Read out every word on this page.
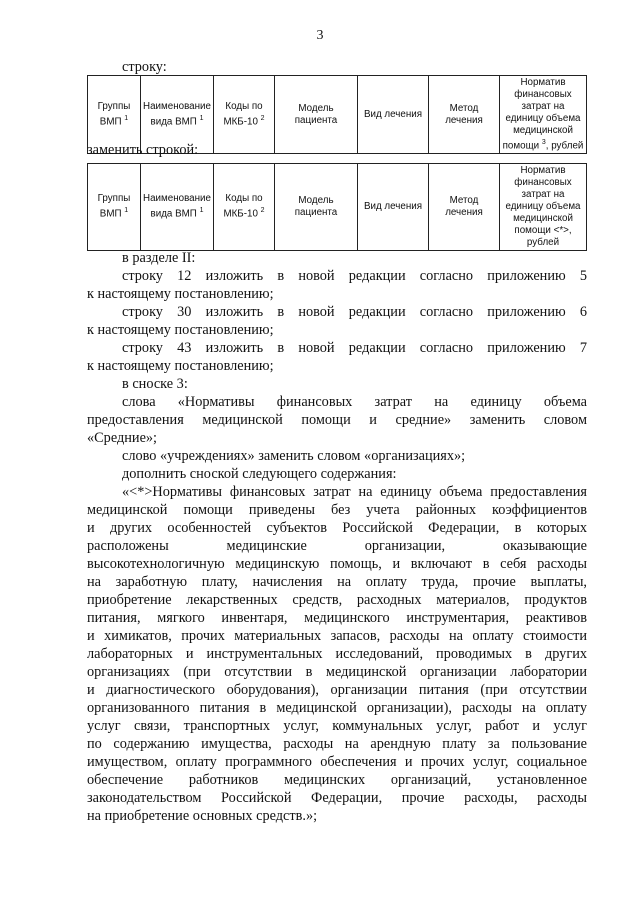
3
строку:
Группы ВМП $^1$	Наименование вида ВМП $^1$	Коды по МКБ-10 $^2$	Модель пациента	Вид лечения	Метод лечения	Норматив финансовых затрат на единицу объема медицинской помощи $^3$, рублей
заменить строкой:
Группы ВМП $^1$	Наименование вида ВМП $^1$	Коды по МКБ-10 $^2$	Модель пациента	Вид лечения	Метод лечения	Норматив финансовых затрат на единицу объема медицинской помощи <*>, рублей
в разделе II:
строку 12 изложить в новой редакции согласно приложению 5
к настоящему постановлению;
строку 30 изложить в новой редакции согласно приложению 6
к настоящему постановлению;
строку 43 изложить в новой редакции согласно приложению 7
к настоящему постановлению;
в сноске 3:
слова «Нормативы финансовых затрат на единицу объема
предоставления медицинской помощи и средние» заменить словом
«Средние»;
слово «учреждениях» заменить словом «организациях»;
дополнить сноской следующего содержания:
«<*>Нормативы финансовых затрат на единицу объема предоставления
медицинской помощи приведены без учета районных коэффициентов
и других особенностей субъектов Российской Федерации, в которых
расположены медицинские организации, оказывающие
высокотехнологичную медицинскую помощь, и включают в себя расходы
на заработную плату, начисления на оплату труда, прочие выплаты,
приобретение лекарственных средств, расходных материалов, продуктов
питания, мягкого инвентаря, медицинского инструментария, реактивов
и химикатов, прочих материальных запасов, расходы на оплату стоимости
лабораторных и инструментальных исследований, проводимых в других
организациях (при отсутствии в медицинской организации лаборатории
и диагностического оборудования), организации питания (при отсутствии
организованного питания в медицинской организации), расходы на оплату
услуг связи, транспортных услуг, коммунальных услуг, работ и услуг
по содержанию имущества, расходы на арендную плату за пользование
имуществом, оплату программного обеспечения и прочих услуг, социальное
обеспечение работников медицинских организаций, установленное
законодательством Российской Федерации, прочие расходы, расходы
на приобретение основных средств.»;
